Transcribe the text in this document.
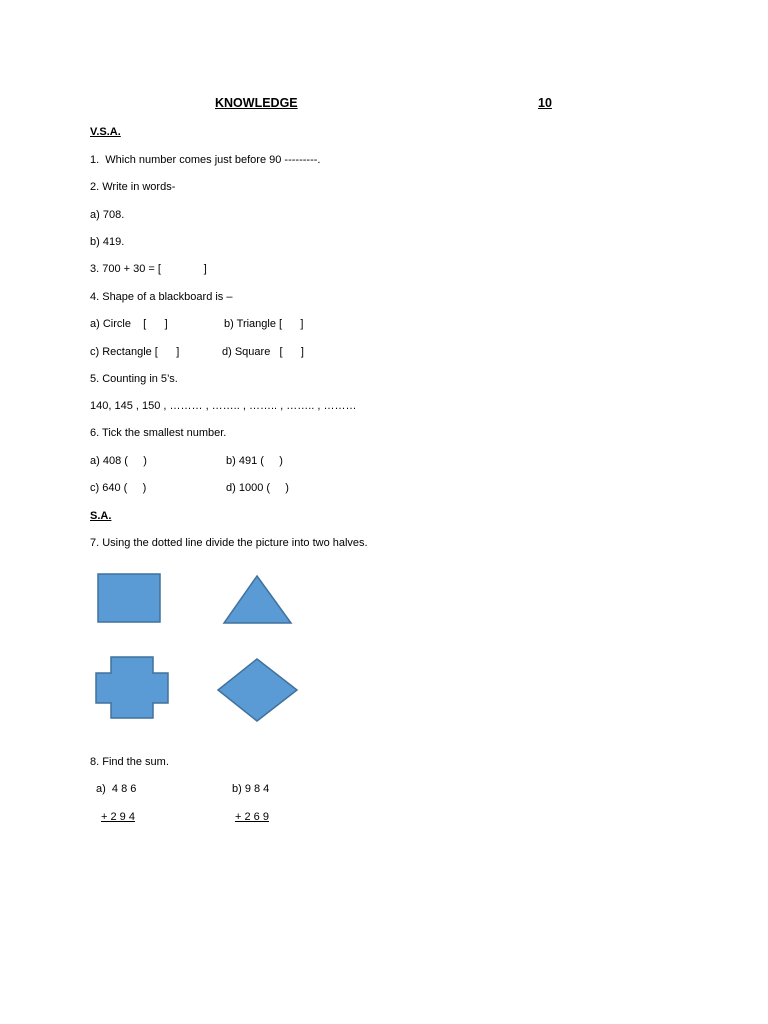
KNOWLEDGE	10
V.S.A.
1.  Which number comes just before 90 ---------.
2. Write in words-
a) 708.
b) 419.
3. 700 + 30 = [              ]
4. Shape of a blackboard is –
a) Circle    [      ]	b) Triangle [      ]
c) Rectangle [      ]	d) Square   [      ]
5. Counting in 5’s.
140, 145 , 150 , ……… , …….. , …….. , …….. , ………
6. Tick the smallest number.
a) 408 (     )	b) 491 (     )
c) 640 (     )	d) 1000 (     )
S.A.
7. Using the dotted line divide the picture into two halves.
8. Find the sum.
a)  4 8 6	b) 9 8 4
+ 2 9 4	+ 2 6 9
